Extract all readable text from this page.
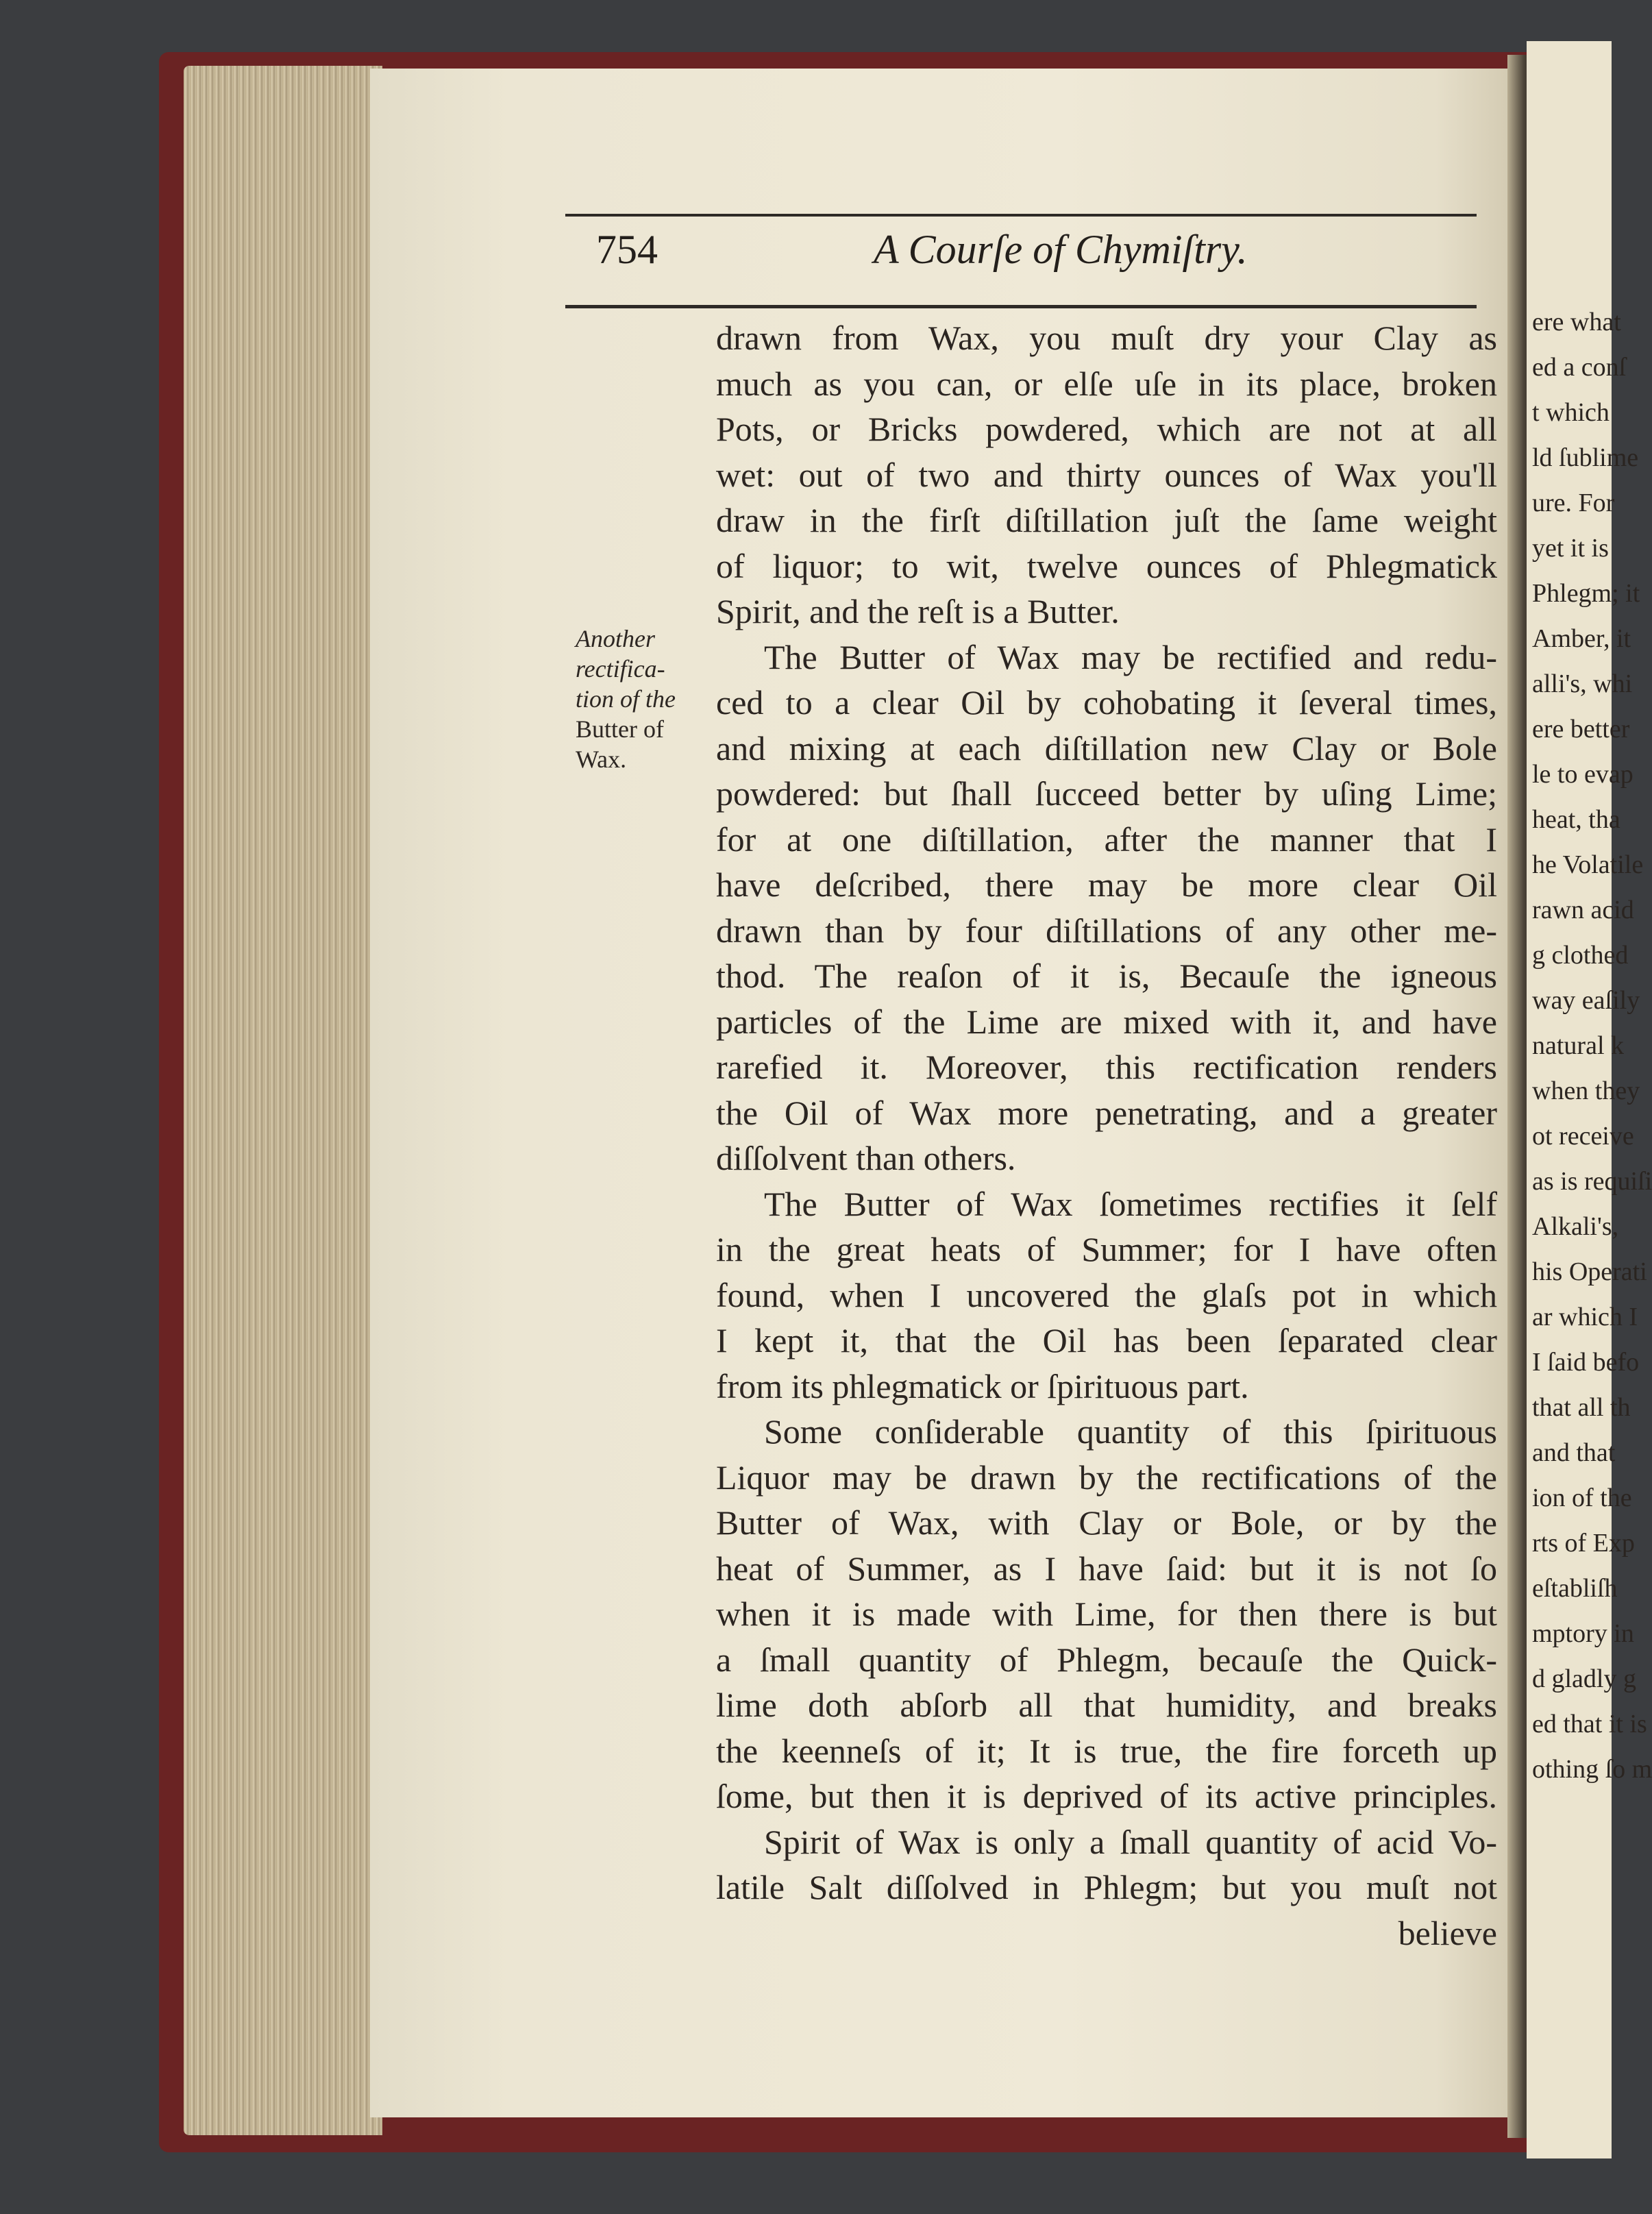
ere what
ed a conſ
t which
ld ſublime
ure. For
yet it is
Phlegm; it
Amber, it
alli's, whi
ere better
le to evap
heat, tha
he Volatile
rawn acid
g clothed
way eaſily
natural k
when they
ot receive
as is requiſi
Alkali's,
his Operati
ar which I
I ſaid befo
that all th
and that
ion of the
rts of Exp
eſtabliſh
mptory in
d gladly g
ed that it is
othing ſo m
754	A Courſe of Chymiſtry.
Another
rectifica-
tion of the
Butter of
Wax.
drawn from Wax, you muſt dry your Clay as
much as you can, or elſe uſe in its place, broken
Pots, or Bricks powdered, which are not at all
wet: out of two and thirty ounces of Wax you'll
draw in the firſt diſtillation juſt the ſame weight
of liquor; to wit, twelve ounces of Phlegmatick
Spirit, and the reſt is a Butter.
The Butter of Wax may be rectified and redu-
ced to a clear Oil by cohobating it ſeveral times,
and mixing at each diſtillation new Clay or Bole
powdered: but ſhall ſucceed better by uſing Lime;
for at one diſtillation, after the manner that I
have deſcribed, there may be more clear Oil
drawn than by four diſtillations of any other me-
thod. The reaſon of it is, Becauſe the igneous
particles of the Lime are mixed with it, and have
rarefied it. Moreover, this rectification renders
the Oil of Wax more penetrating, and a greater
diſſolvent than others.
The Butter of Wax ſometimes rectifies it ſelf
in the great heats of Summer; for I have often
found, when I uncovered the glaſs pot in which
I kept it, that the Oil has been ſeparated clear
from its phlegmatick or ſpirituous part.
Some conſiderable quantity of this ſpirituous
Liquor may be drawn by the rectifications of the
Butter of Wax, with Clay or Bole, or by the
heat of Summer, as I have ſaid: but it is not ſo
when it is made with Lime, for then there is but
a ſmall quantity of Phlegm, becauſe the Quick-
lime doth abſorb all that humidity, and breaks
the keenneſs of it; It is true, the fire forceth up
ſome, but then it is deprived of its active principles.
Spirit of Wax is only a ſmall quantity of acid Vo-
latile Salt diſſolved in Phlegm; but you muſt not
believe
